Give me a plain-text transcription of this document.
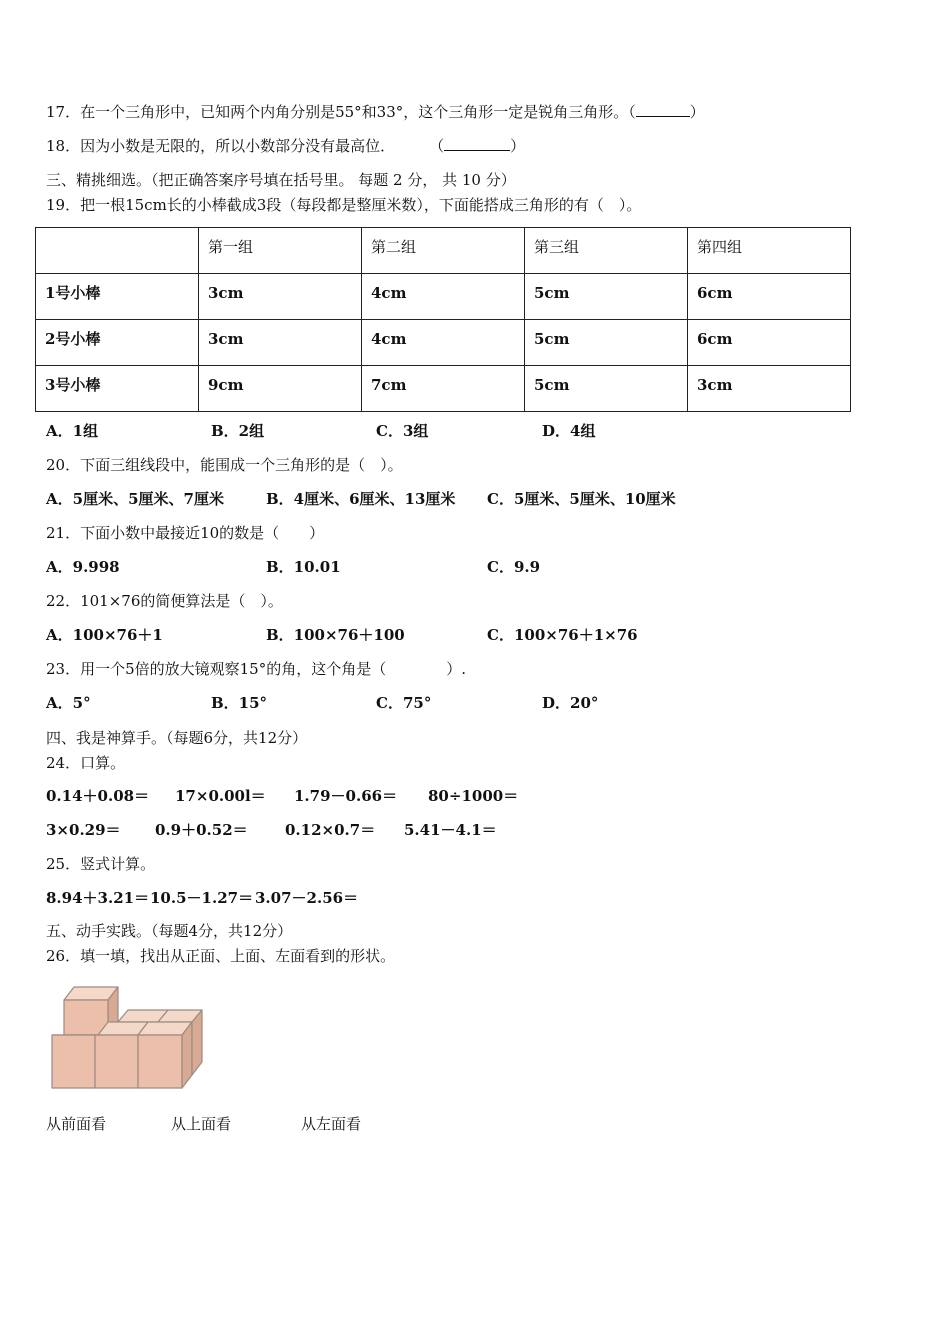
17．在一个三角形中，已知两个内角分别是55°和33°，这个三角形一定是锐角三角形。（	）
18．因为小数是无限的，所以小数部分没有最高位． （	）
三、精挑细选。（把正确答案序号填在括号里。 每题 2 分， 共 10 分）
19．把一根15cm长的小棒截成3段（每段都是整厘米数），下面能搭成三角形的有（　）。

	第一组	第二组	第三组	第四组

1号小棒	3cm	4cm	5cm	6cm

2号小棒	3cm	4cm	5cm	6cm

3号小棒	9cm	7cm	5cm	3cm
A．1组	B．2组	C．3组	D．4组
20．下面三组线段中，能围成一个三角形的是（　）。
A．5厘米、5厘米、7厘米	B．4厘米、6厘米、13厘米 C．5厘米、5厘米、10厘米
21．下面小数中最接近10的数是（　　）
A．9.998	B．10.01	C．9.9
22．101×76的简便算法是（　）。
A．100×76＋1	B．100×76＋100	C．100×76＋1×76
23．用一个5倍的放大镜观察15°的角，这个角是（　　　　）.
A．5°	B．15°	C．75°	D．20°
四、我是神算手。（每题6分，共12分）
24．口算。
0.14＋0.08＝ 17×0.00l＝ 1.79－0.66＝ 80÷1000＝
3×0.29＝ 0.9＋0.52＝ 0.12×0.7＝ 5.41－4.1＝
25．竖式计算。
8.94＋3.21＝ 10.5－1.27＝ 3.07－2.56＝
五、动手实践。（每题4分，共12分）
26．填一填，找出从正面、上面、左面看到的形状。
从前面看	从上面看	从左面看
